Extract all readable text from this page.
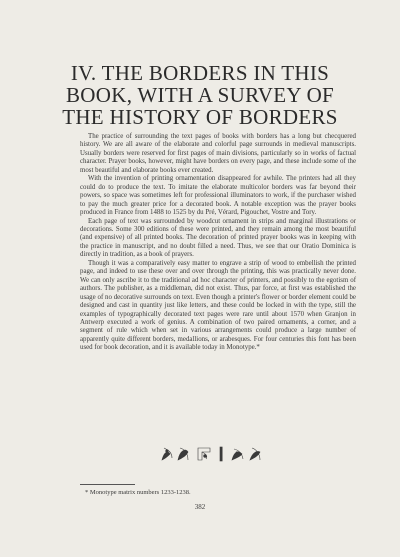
IV. THE BORDERS IN THIS
BOOK, WITH A SURVEY OF
THE HISTORY OF BORDERS

The practice of surrounding the text pages of books with borders has a long but checquered history. We are all aware of the elaborate and colorful page surrounds in medieval manuscripts. Usually borders were reserved for first pages of main divisions, particularly so in works of factual character. Prayer books, however, might have borders on every page, and these include some of the most beautiful and elaborate books ever created.

With the invention of printing ornamentation disappeared for awhile. The printers had all they could do to produce the text. To imitate the elaborate multicolor borders was far beyond their powers, so space was sometimes left for professional illuminators to work, if the purchaser wished to pay the much greater price for a decorated book. A notable exception was the prayer books produced in France from 1488 to 1525 by du Pré, Vérard, Pigouchet, Vostre and Tory.

Each page of text was surrounded by woodcut ornament in strips and marginal illustrations or decorations. Some 300 editions of these were printed, and they remain among the most beautiful (and expensive) of all printed books. The decoration of printed prayer books was in keeping with the practice in manuscript, and no doubt filled a need. Thus, we see that our Oratio Dominica is directly in tradition, as a book of prayers.

Though it was a comparatively easy matter to engrave a strip of wood to embellish the printed page, and indeed to use these over and over through the printing, this was practically never done. We can only ascribe it to the traditional ad hoc character of printers, and possibly to the egotism of authors. The publisher, as a middleman, did not exist. Thus, par force, at first was established the usage of no decorative surrounds on text. Even though a printer's flower or border element could be designed and cast in quantity just like letters, and these could be locked in with the type, still the examples of typographically decorated text pages were rare until about 1570 when Granjon in Antwerp executed a work of genius. A combination of two paired ornaments, a corner, and a segment of rule which when set in various arrangements could produce a large number of apparently quite different borders, medallions, or arabesques. For four centuries this font has been used for book decoration, and it is available today in Monotype.*

* Monotype matrix numbers 1233-1238.
382
